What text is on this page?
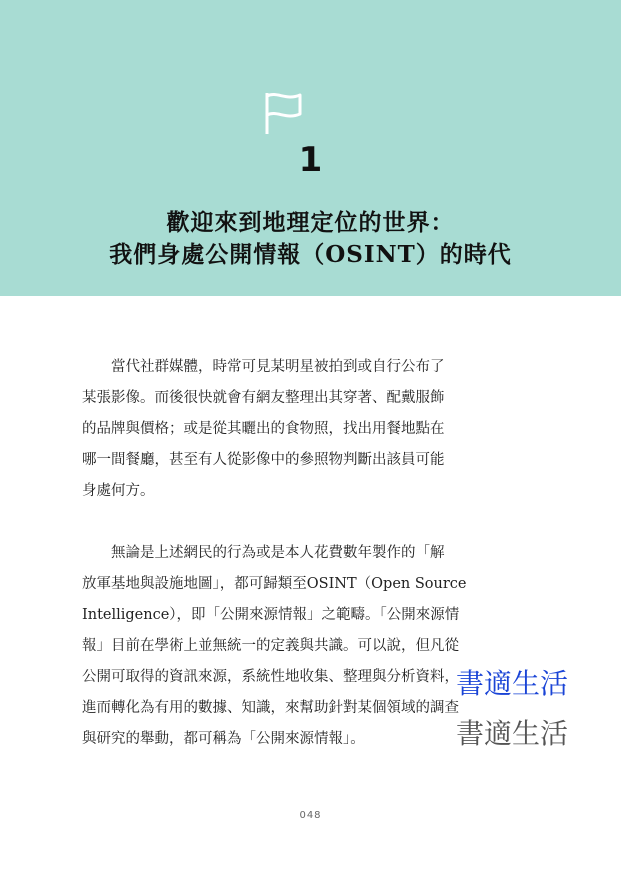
1
歡迎來到地理定位的世界：
我們身處公開情報（OSINT）的時代
當代社群媒體，時常可見某明星被拍到或自行公布了
某張影像。而後很快就會有網友整理出其穿著、配戴服飾
的品牌與價格；或是從其曬出的食物照，找出用餐地點在
哪一間餐廳，甚至有人從影像中的參照物判斷出該員可能
身處何方。
無論是上述網民的行為或是本人花費數年製作的「解
放軍基地與設施地圖」，都可歸類至OSINT（Open Source
Intelligence），即「公開來源情報」之範疇。「公開來源情
報」目前在學術上並無統一的定義與共識。可以說，但凡從
公開可取得的資訊來源，系統性地收集、整理與分析資料，
進而轉化為有用的數據、知識，來幫助針對某個領域的調查
與研究的舉動，都可稱為「公開來源情報」。
書適生活
書適生活
048
